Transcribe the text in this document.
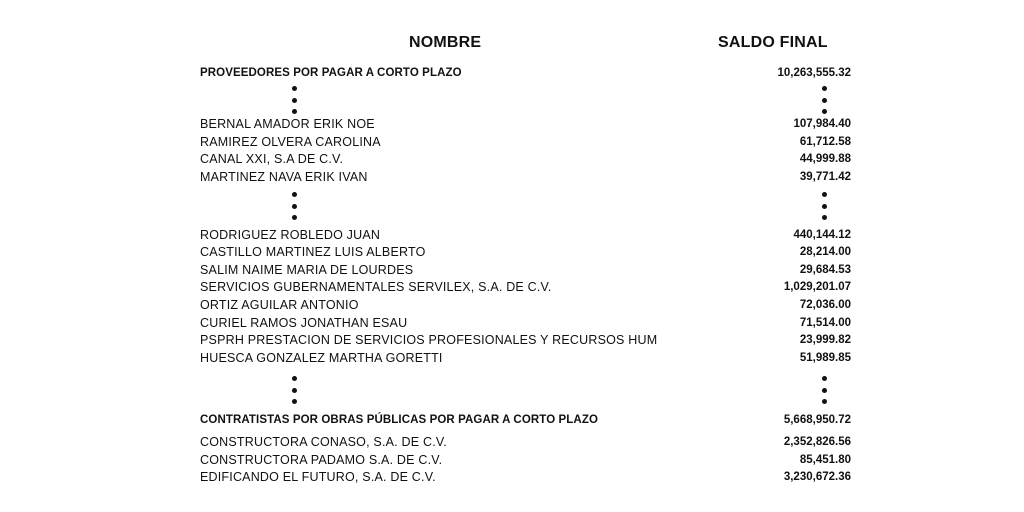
NOMBRE	SALDO FINAL
PROVEEDORES POR PAGAR A CORTO PLAZO	10,263,555.32
BERNAL AMADOR ERIK NOE	107,984.40
RAMIREZ OLVERA CAROLINA	61,712.58
CANAL XXI, S.A DE C.V.	44,999.88
MARTINEZ NAVA ERIK IVAN	39,771.42
RODRIGUEZ ROBLEDO JUAN	440,144.12
CASTILLO MARTINEZ LUIS ALBERTO	28,214.00
SALIM NAIME MARIA DE LOURDES	29,684.53
SERVICIOS GUBERNAMENTALES SERVILEX, S.A. DE C.V.	1,029,201.07
ORTIZ AGUILAR ANTONIO	72,036.00
CURIEL RAMOS JONATHAN ESAU	71,514.00
PSPRH PRESTACION DE SERVICIOS PROFESIONALES Y RECURSOS HUM	23,999.82
HUESCA GONZALEZ MARTHA GORETTI	51,989.85
CONTRATISTAS POR OBRAS PÚBLICAS POR PAGAR A CORTO PLAZO	5,668,950.72
CONSTRUCTORA CONASO, S.A. DE C.V.	2,352,826.56
CONSTRUCTORA PADAMO S.A. DE C.V.	85,451.80
EDIFICANDO EL FUTURO, S.A. DE C.V.	3,230,672.36
